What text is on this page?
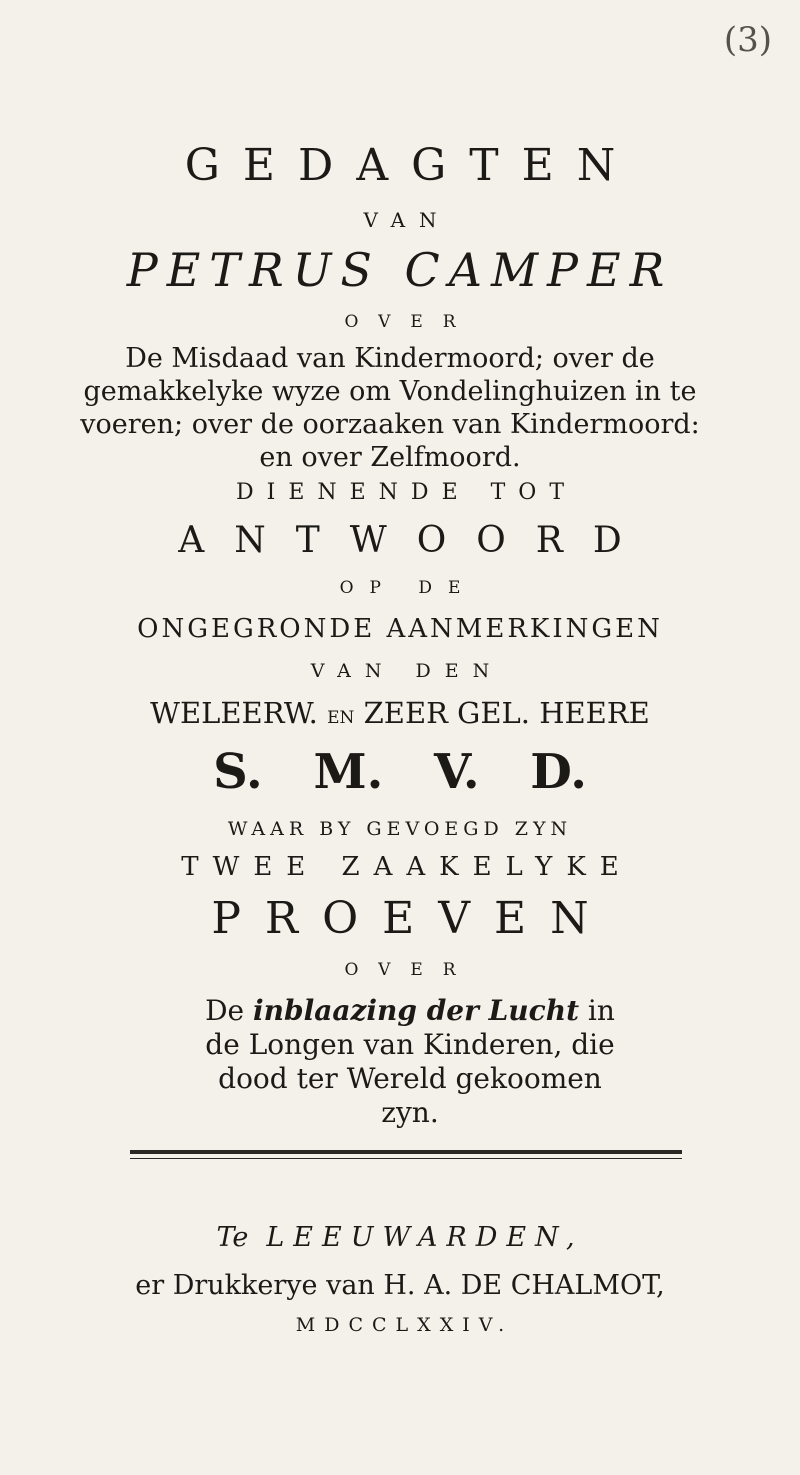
(3)
GEDAGTEN
VAN
PETRUS CAMPER
OVER
De Misdaad van Kindermoord; over de gemakkelyke wyze om Vondelinghuizen in te voeren; over de oorzaaken van Kindermoord: en over Zelfmoord.
DIENENDE TOT
ANTWOORD
OP DE
ONGEGRONDE AANMERKINGEN
VAN DEN
WELEERW. EN ZEER GEL. HEERE
S. M. V. D.
WAAR BY GEVOEGD ZYN
TWEE ZAAKELYKE
PROEVEN
OVER
De inblaazing der Lucht in de Longen van Kinderen, die dood ter Wereld gekoomen zyn.
Te LEEUWARDEN,
er Drukkerye van H. A. DE CHALMOT,
MDCCLXXIV.
